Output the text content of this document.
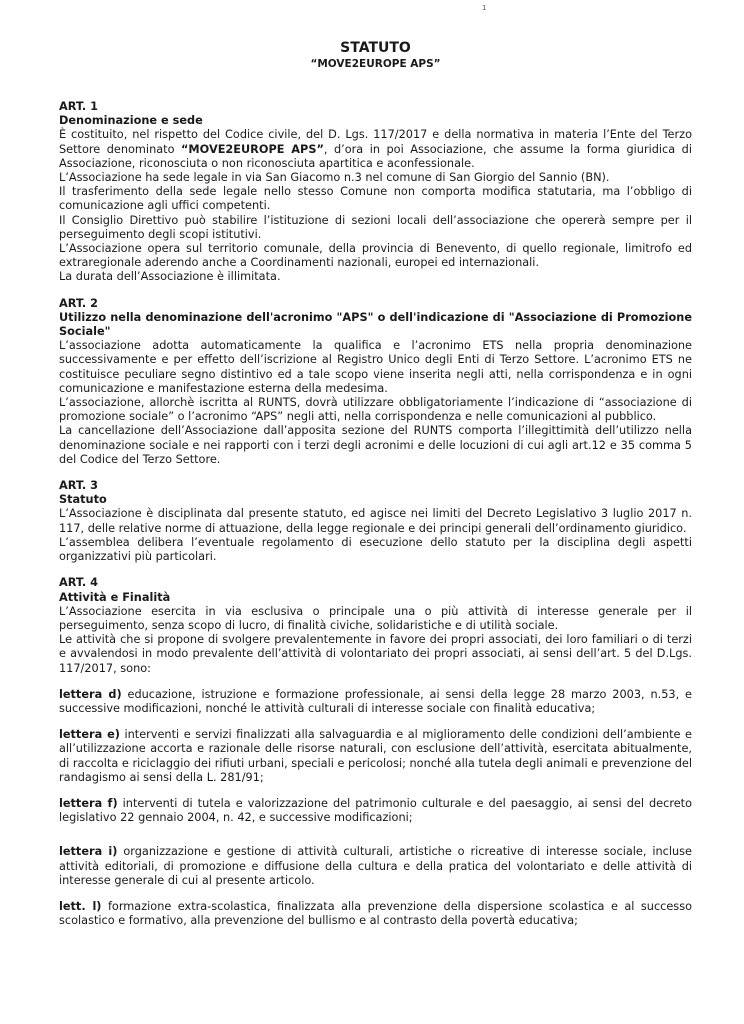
1
STATUTO
“MOVE2EUROPE APS”

ART. 1

Denominazione e sede

È costituito, nel rispetto del Codice civile, del D. Lgs. 117/2017 e della normativa in materia l’Ente del Terzo Settore denominato “MOVE2EUROPE APS”, d’ora in poi Associazione, che assume la forma giuridica di Associazione, riconosciuta o non riconosciuta apartitica e aconfessionale.

L’Associazione ha sede legale in via San Giacomo n.3 nel comune di San Giorgio del Sannio (BN).

Il trasferimento della sede legale nello stesso Comune non comporta modifica statutaria, ma l’obbligo di comunicazione agli uffici competenti.

Il Consiglio Direttivo può stabilire l’istituzione di sezioni locali dell’associazione che opererà sempre per il perseguimento degli scopi istitutivi.

L’Associazione opera sul territorio comunale, della provincia di Benevento, di quello regionale, limitrofo ed extraregionale aderendo anche a Coordinamenti nazionali, europei ed internazionali.

La durata dell’Associazione è illimitata.

ART. 2

Utilizzo nella denominazione dell'acronimo "APS" o dell'indicazione di "Associazione di Promozione Sociale"

L’associazione adotta automaticamente la qualifica e l’acronimo ETS nella propria denominazione successivamente e per effetto dell’iscrizione al Registro Unico degli Enti di Terzo Settore. L’acronimo ETS ne costituisce peculiare segno distintivo ed a tale scopo viene inserita negli atti, nella corrispondenza e in ogni comunicazione e manifestazione esterna della medesima.

L’associazione, allorchè iscritta al RUNTS, dovrà utilizzare obbligatoriamente l’indicazione di “associazione di promozione sociale” o l’acronimo “APS” negli atti, nella corrispondenza e nelle comunicazioni al pubblico.

La cancellazione dell’Associazione dall’apposita sezione del RUNTS comporta l’illegittimità dell’utilizzo nella denominazione sociale e nei rapporti con i terzi degli acronimi e delle locuzioni di cui agli art.12 e 35 comma 5 del Codice del Terzo Settore.

ART. 3

Statuto

L’Associazione è disciplinata dal presente statuto, ed agisce nei limiti del Decreto Legislativo 3 luglio 2017 n. 117, delle relative norme di attuazione, della legge regionale e dei principi generali dell’ordinamento giuridico.

L’assemblea delibera l’eventuale regolamento di esecuzione dello statuto per la disciplina degli aspetti organizzativi più particolari.

ART. 4

Attività e Finalità

L’Associazione esercita in via esclusiva o principale una o più attività di interesse generale per il perseguimento, senza scopo di lucro, di finalità civiche, solidaristiche e di utilità sociale.

Le attività che si propone di svolgere prevalentemente in favore dei propri associati, dei loro familiari o di terzi e avvalendosi in modo prevalente dell’attività di volontariato dei propri associati, ai sensi dell’art. 5 del D.Lgs. 117/2017, sono:

lettera d) educazione, istruzione e formazione professionale, ai sensi della legge 28 marzo 2003, n.53, e successive modificazioni, nonché le attività culturali di interesse sociale con finalità educativa;

lettera e) interventi e servizi finalizzati alla salvaguardia e al miglioramento delle condizioni dell’ambiente e all’utilizzazione accorta e razionale delle risorse naturali, con esclusione dell’attività, esercitata abitualmente, di raccolta e riciclaggio dei rifiuti urbani, speciali e pericolosi; nonché alla tutela degli animali e prevenzione del randagismo ai sensi della L. 281/91;

lettera f) interventi di tutela e valorizzazione del patrimonio culturale e del paesaggio, ai sensi del decreto legislativo 22 gennaio 2004, n. 42, e successive modificazioni;

lettera i) organizzazione e gestione di attività culturali, artistiche o ricreative di interesse sociale, incluse attività editoriali, di promozione e diffusione della cultura e della pratica del volontariato e delle attività di interesse generale di cui al presente articolo.

lett. l) formazione extra-scolastica, finalizzata alla prevenzione della dispersione scolastica e al successo scolastico e formativo, alla prevenzione del bullismo e al contrasto della povertà educativa;
